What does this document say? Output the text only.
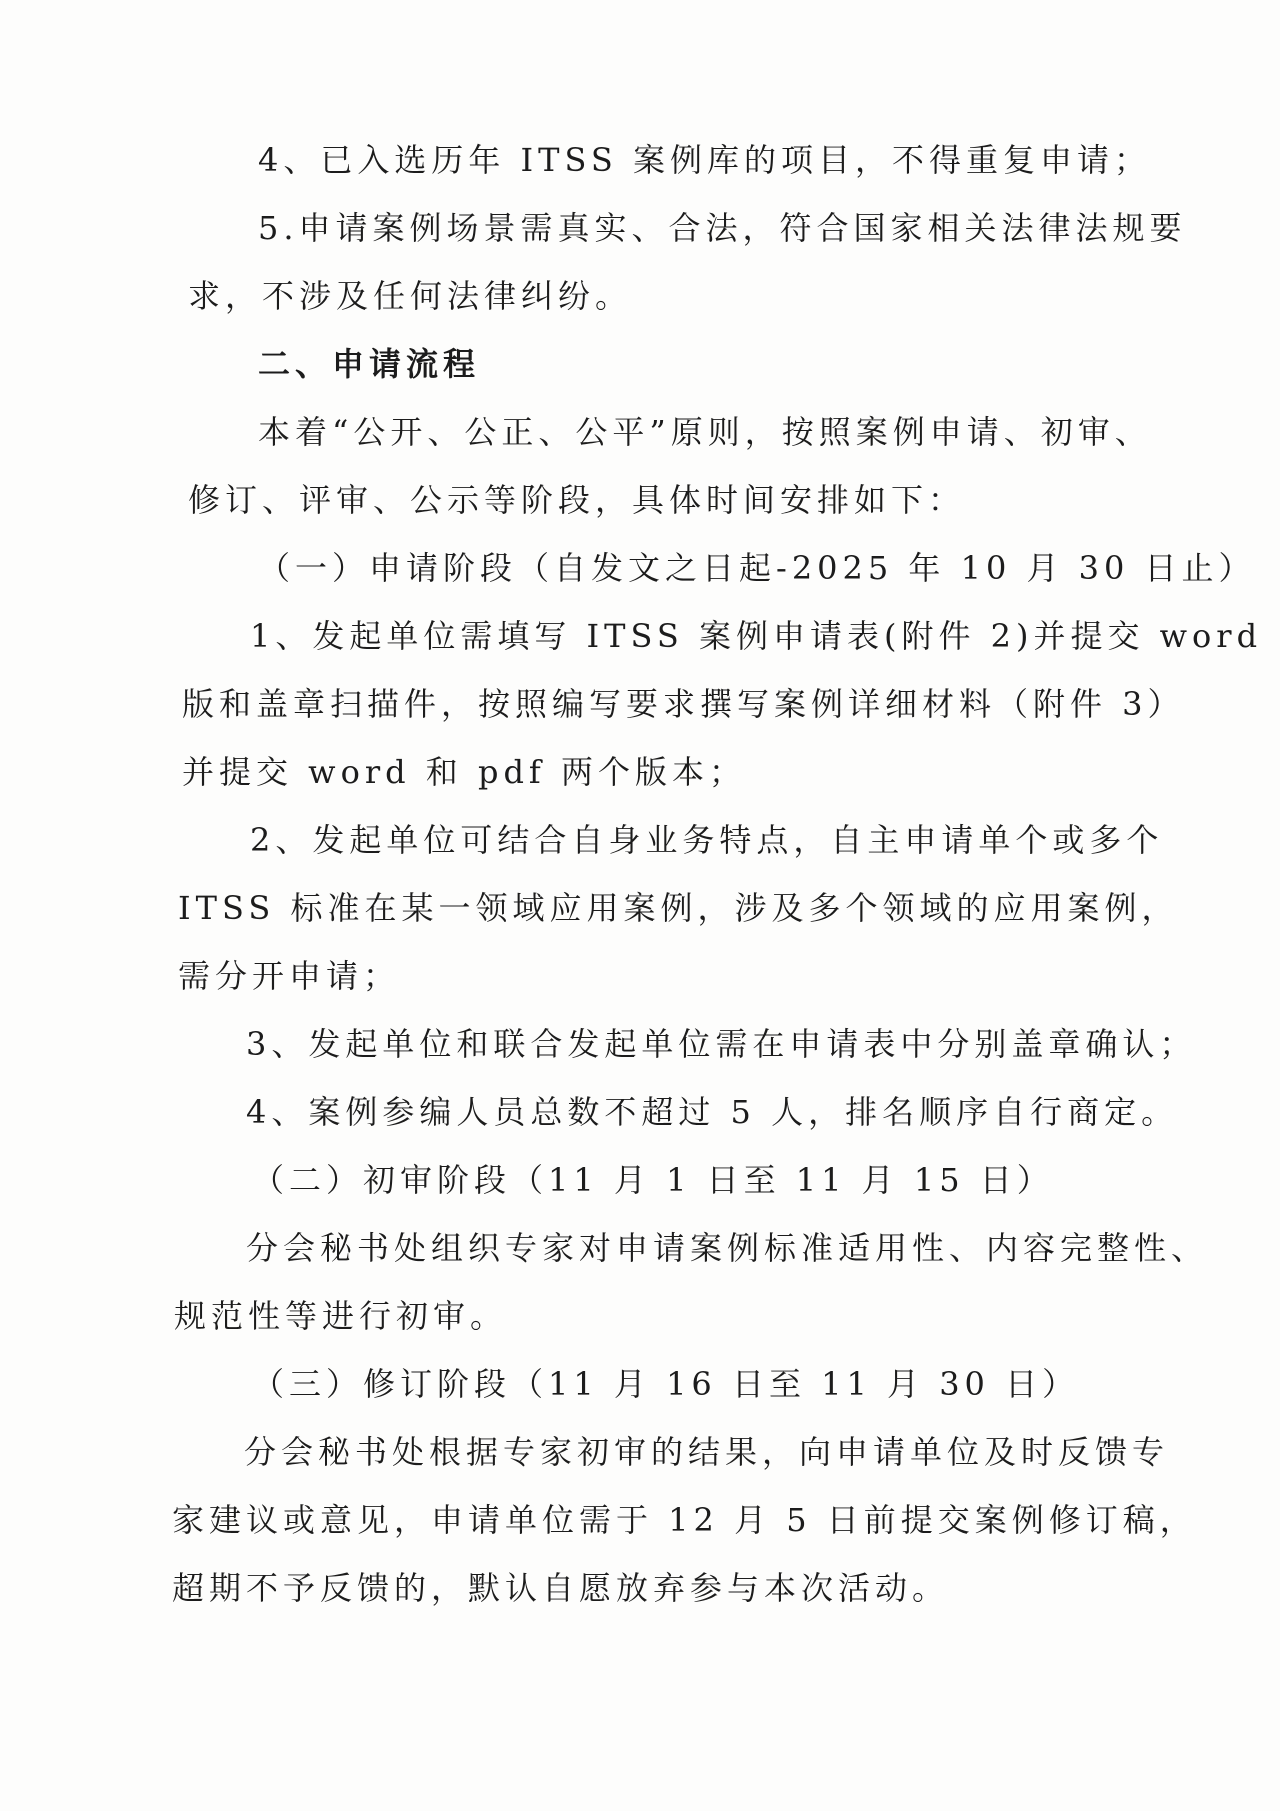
4、已入选历年 ITSS 案例库的项目，不得重复申请；
5.申请案例场景需真实、合法，符合国家相关法律法规要
求，不涉及任何法律纠纷。
二、申请流程
本着“公开、公正、公平”原则，按照案例申请、初审、
修订、评审、公示等阶段，具体时间安排如下：
（一）申请阶段（自发文之日起-2025 年 10 月 30 日止）
1、发起单位需填写 ITSS 案例申请表(附件 2)并提交 word
版和盖章扫描件，按照编写要求撰写案例详细材料（附件 3）
并提交 word 和 pdf 两个版本；
2、发起单位可结合自身业务特点，自主申请单个或多个
ITSS 标准在某一领域应用案例，涉及多个领域的应用案例，
需分开申请；
3、发起单位和联合发起单位需在申请表中分别盖章确认；
4、案例参编人员总数不超过 5 人，排名顺序自行商定。
（二）初审阶段（11 月 1 日至 11 月 15 日）
分会秘书处组织专家对申请案例标准适用性、内容完整性、
规范性等进行初审。
（三）修订阶段（11 月 16 日至 11 月 30 日）
分会秘书处根据专家初审的结果，向申请单位及时反馈专
家建议或意见，申请单位需于 12 月 5 日前提交案例修订稿，
超期不予反馈的，默认自愿放弃参与本次活动。
